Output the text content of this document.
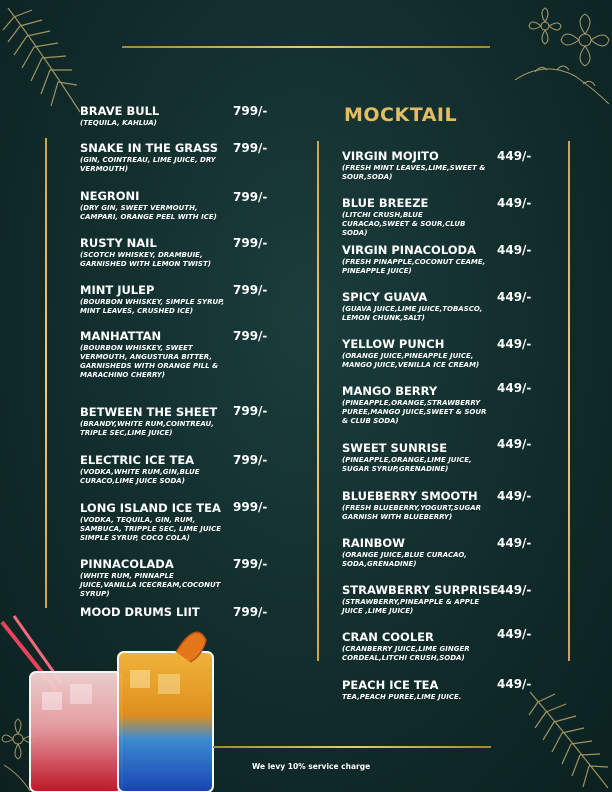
MOCKTAIL
BRAVE BULL
(TEQUILA, KAHLUA)
799/-
SNAKE IN THE GRASS
(GIN, COINTREAU, LIME JUICE, DRY VERMOUTH)
799/-
NEGRONI
(DRY GIN, SWEET VERMOUTH, CAMPARI, ORANGE PEEL WITH ICE)
799/-
RUSTY NAIL
(SCOTCH WHISKEY, DRAMBUIE, GARNISHED WITH LEMON TWIST)
799/-
MINT JULEP
(BOURBON WHISKEY, SIMPLE SYRUP, MINT LEAVES, CRUSHED ICE)
799/-
MANHATTAN
(BOURBON WHISKEY, SWEET VERMOUTH, ANGUSTURA BITTER, GARNISHEDS WITH ORANGE PILL & MARACHINO CHERRY)
799/-
BETWEEN THE SHEET
(BRANDY,WHITE RUM,COINTREAU, TRIPLE SEC,LIME JUICE)
799/-
ELECTRIC ICE TEA
(VODKA,WHITE RUM,GIN,BLUE CURACO,LIME JUICE SODA)
799/-
LONG ISLAND ICE TEA
(VODKA, TEQUILA, GIN, RUM, SAMBUCA, TRIPPLE SEC, LIME JUICE SIMPLE SYRUP, COCO COLA)
999/-
PINNACOLADA
(WHITE RUM, PINNAPLE JUICE,VANILLA ICECREAM,COCONUT SYRUP)
799/-
MOOD DRUMS LIIT	799/-
VIRGIN MOJITO
(FRESH MINT LEAVES,LIME,SWEET & SOUR,SODA)
449/-
BLUE BREEZE
(LITCHI CRUSH,BLUE CURACAO,SWEET & SOUR,CLUB SODA)
449/-
VIRGIN PINACOLODA
(FRESH PINAPPLE,COCONUT CEAME, PINEAPPLE JUICE)
449/-
SPICY GUAVA
(GUAVA JUICE,LIME JUICE,TOBASCO, LEMON CHUNK,SALT)
449/-
YELLOW PUNCH
(ORANGE JUICE,PINEAPPLE JUICE, MANGO JUICE,VENILLA ICE CREAM)
449/-
MANGO BERRY
(PINEAPPLE,ORANGE,STRAWBERRY PUREE,MANGO JUICE,SWEET & SOUR & CLUB SODA)
449/-
SWEET SUNRISE
(PINEAPPLE,ORANGE,LIME JUICE, SUGAR SYRUP,GRENADINE)
449/-
BLUEBERRY SMOOTH
(FRESH BLUEBERRY,YOGURT,SUGAR GARNISH WITH BLUEBERRY)
449/-
RAINBOW
(ORANGE JUICE,BLUE CURACAO, SODA,GRENADINE)
449/-
STRAWBERRY SURPRISE
(STRAWBERRY,PINEAPPLE & APPLE JUICE ,LIME JUICE)
449/-
CRAN COOLER
(CRANBERRY JUICE,LIME GINGER CORDEAL,LITCHI CRUSH,SODA)
449/-
PEACH ICE TEA
TEA,PEACH PUREE,LIME JUICE.
449/-
We levy 10% service charge
